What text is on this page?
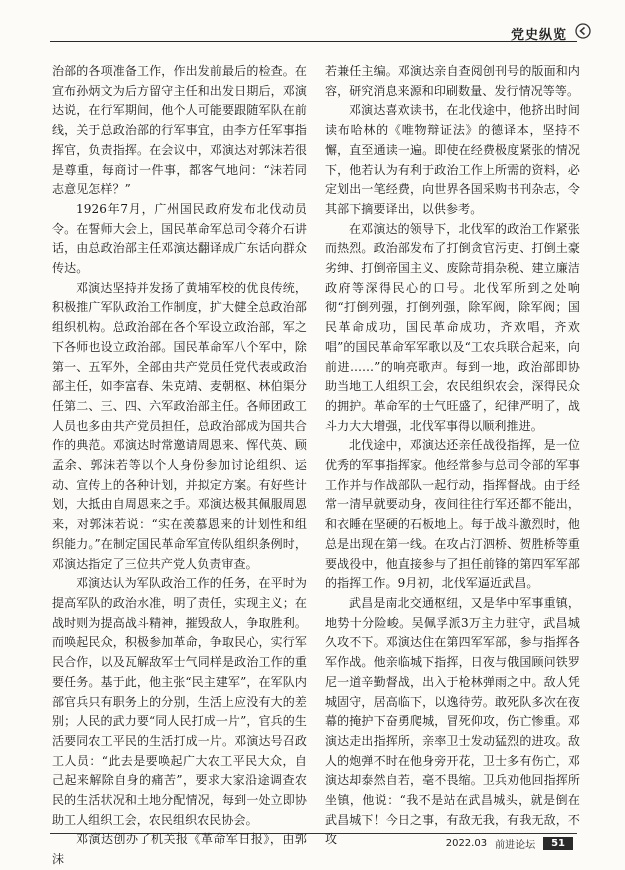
党史纵览

治部的各项准备工作，作出发前最后的检查。在宣布孙炳文为后方留守主任和出发日期后，邓演达说，在行军期间，他个人可能要跟随军队在前线，关于总政治部的行军事宜，由李方任军事指挥官，负责指挥。在会议中，邓演达对郭沫若很是尊重，每商讨一件事，都客气地问：“沫若同志意见怎样？”

1926年7月，广州国民政府发布北伐动员令。在誓师大会上，国民革命军总司令蒋介石讲话，由总政治部主任邓演达翻译成广东话向群众传达。

邓演达坚持并发扬了黄埔军校的优良传统，积极推广军队政治工作制度，扩大健全总政治部组织机构。总政治部在各个军设立政治部，军之下各师也设立政治部。国民革命军八个军中，除第一、五军外，全部由共产党员任党代表或政治部主任，如李富春、朱克靖、麦朝枢、林伯渠分任第二、三、四、六军政治部主任。各师团政工人员也多由共产党员担任，总政治部成为国共合作的典范。邓演达时常邀请周恩来、恽代英、顾孟余、郭沫若等以个人身份参加讨论组织、运动、宣传上的各种计划，并拟定方案。有好些计划，大抵由自周恩来之手。邓演达极其佩服周恩来，对郭沫若说：“实在羡慕恩来的计划性和组织能力。”在制定国民革命军宣传队组织条例时，邓演达指定了三位共产党人负责审查。

邓演达认为军队政治工作的任务，在平时为提高军队的政治水准，明了责任，实现主义；在战时则为提高战斗精神，摧毁敌人，争取胜利。而唤起民众，积极参加革命，争取民心，实行军民合作，以及瓦解敌军士气同样是政治工作的重要任务。基于此，他主张“民主建军”，在军队内部官兵只有职务上的分别，生活上应没有大的差别；人民的武力要“同人民打成一片”，官兵的生活要同农工平民的生活打成一片。邓演达号召政工人员：“此去是要唤起广大农工平民大众，自己起来解除自身的痛苦”，要求大家沿途调查农民的生活状况和土地分配情况，每到一处立即协助工人组织工会，农民组织农民协会。

邓演达创办了机关报《革命军日报》，由郭沫

若兼任主编。邓演达亲自查阅创刊号的版面和内容，研究消息来源和印刷数量、发行情况等等。

邓演达喜欢读书，在北伐途中，他挤出时间读布哈林的《唯物辩证法》的德译本，坚持不懈，直至通读一遍。即使在经费极度紧张的情况下，他若认为有利于政治工作上所需的资料，必定划出一笔经费，向世界各国采购书刊杂志，令其部下摘要译出，以供参考。

在邓演达的领导下，北伐军的政治工作紧张而热烈。政治部发布了打倒贪官污吏、打倒土豪劣绅、打倒帝国主义、废除苛捐杂税、建立廉洁政府等深得民心的口号。北伐军所到之处响彻“打倒列强，打倒列强，除军阀，除军阀；国民革命成功，国民革命成功，齐欢唱，齐欢唱”的国民革命军军歌以及“工农兵联合起来，向前进……”的响亮歌声。每到一地，政治部即协助当地工人组织工会，农民组织农会，深得民众的拥护。革命军的士气旺盛了，纪律严明了，战斗力大大增强，北伐军事得以顺利推进。

北伐途中，邓演达还亲任战役指挥，是一位优秀的军事指挥家。他经常参与总司令部的军事工作并与作战部队一起行动，指挥督战。由于经常一清早就要动身，夜间往往行军还都不能出，和衣睡在坚硬的石板地上。每于战斗激烈时，他总是出现在第一线。在攻占汀泗桥、贺胜桥等重要战役中，他直接参与了担任前锋的第四军军部的指挥工作。9月初，北伐军逼近武昌。

武昌是南北交通枢纽，又是华中军事重镇，地势十分险峻。吴佩孚派3万主力驻守，武昌城久攻不下。邓演达住在第四军军部，参与指挥各军作战。他亲临城下指挥，日夜与俄国顾问铁罗尼一道辛勤督战，出入于枪林弹雨之中。敌人凭城固守，居高临下，以逸待劳。敢死队多次在夜幕的掩护下奋勇爬城，冒死仰攻，伤亡惨重。邓演达走出指挥所，亲率卫士发动猛烈的进攻。敌人的炮弹不时在他身旁开花，卫士多有伤亡，邓演达却泰然自若，毫不畏缩。卫兵劝他回指挥所坐镇，他说：“我不是站在武昌城头，就是倒在武昌城下！今日之事，有敌无我，有我无敌，不攻	2022.03 前进论坛	51
